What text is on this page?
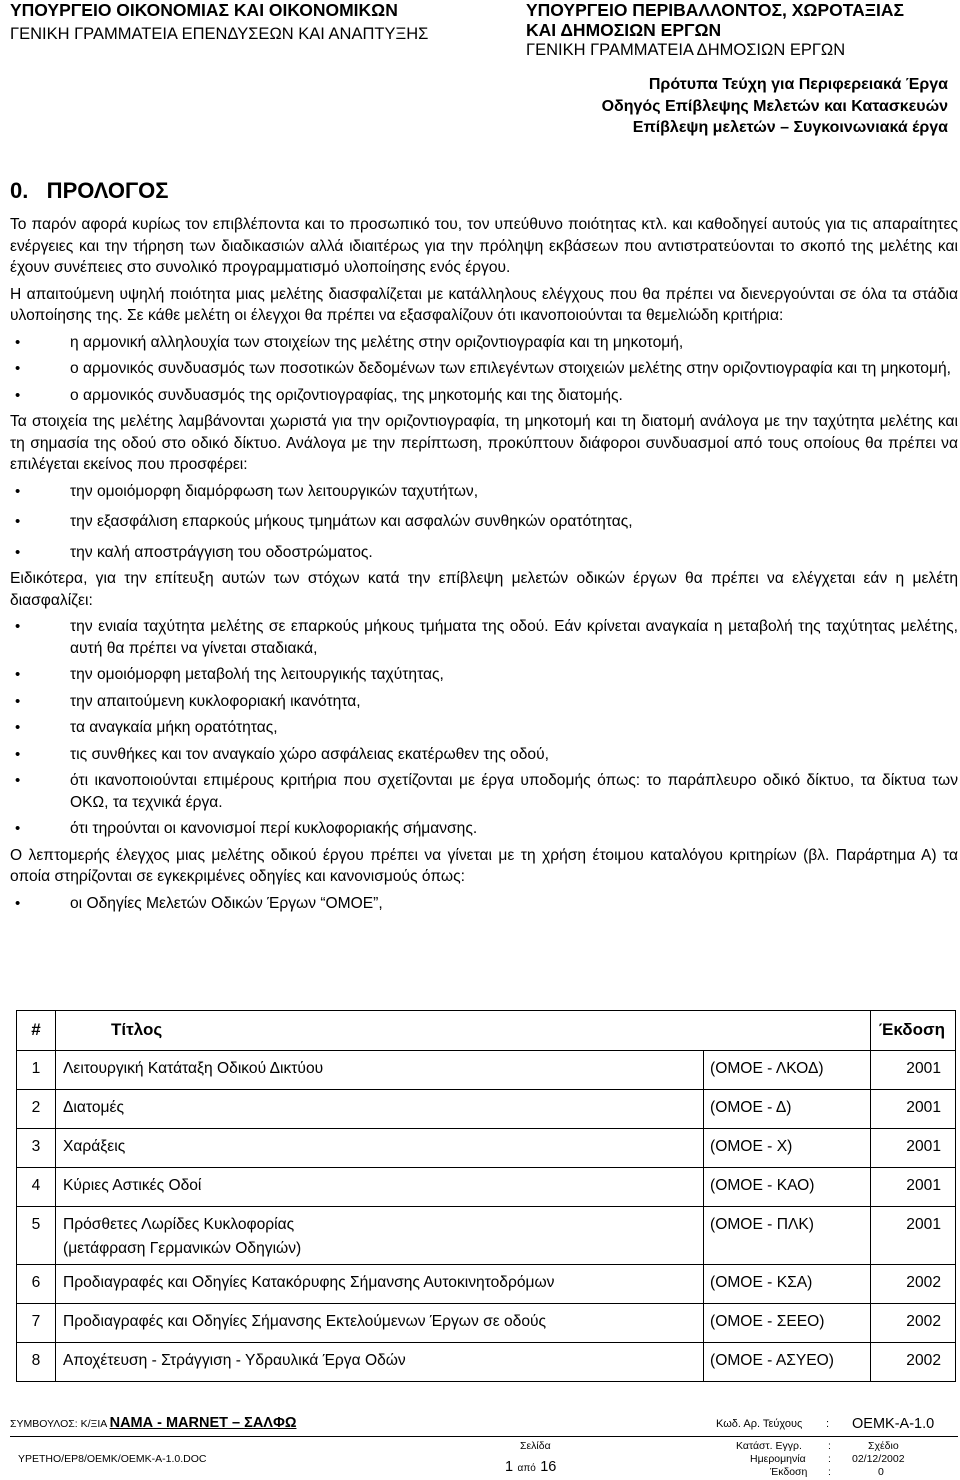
ΥΠΟΥΡΓΕΙΟ ΟΙΚΟΝΟΜΙΑΣ ΚΑΙ ΟΙΚΟΝΟΜΙΚΩΝ
ΓΕΝΙΚΗ ΓΡΑΜΜΑΤΕΙΑ ΕΠΕΝΔΥΣΕΩΝ ΚΑΙ ΑΝΑΠΤΥΞΗΣ
ΥΠΟΥΡΓΕΙΟ ΠΕΡΙΒΑΛΛΟΝΤΟΣ, ΧΩΡΟΤΑΞΙΑΣ
ΚΑΙ ΔΗΜΟΣΙΩΝ ΕΡΓΩΝ
ΓΕΝΙΚΗ ΓΡΑΜΜΑΤΕΙΑ ΔΗΜΟΣΙΩΝ ΕΡΓΩΝ
Πρότυπα Τεύχη για Περιφερειακά Έργα
Οδηγός Επίβλεψης Μελετών και Κατασκευών
Επίβλεψη μελετών – Συγκοινωνιακά έργα
0.   ΠΡΟΛΟΓΟΣ

Το παρόν αφορά κυρίως τον επιβλέποντα και το προσωπικό του, τον υπεύθυνο ποιότητας κτλ. και καθοδηγεί αυτούς για τις απαραίτητες ενέργειες και την τήρηση των διαδικασιών αλλά ιδιαιτέρως για την πρόληψη εκβάσεων που αντιστρατεύονται το σκοπό της μελέτης και έχουν συνέπειες στο συνολικό προγραμματισμό υλοποίησης ενός έργου.

Η απαιτούμενη υψηλή ποιότητα μιας μελέτης διασφαλίζεται με κατάλληλους ελέγχους που θα πρέπει να διενεργούνται σε όλα τα στάδια υλοποίησης της. Σε κάθε μελέτη οι έλεγχοι θα πρέπει να εξασφαλίζουν ότι ικανοποιούνται τα θεμελιώδη κριτήρια:

• η αρμονική αλληλουχία των στοιχείων της μελέτης στην οριζοντιογραφία και τη μηκοτομή,
• ο αρμονικός συνδυασμός των ποσοτικών δεδομένων των επιλεγέντων στοιχειών μελέτης στην οριζοντιογραφία και τη μηκοτομή,
• ο αρμονικός συνδυασμός της οριζοντιογραφίας, της μηκοτομής και της διατομής.

Τα στοιχεία της μελέτης λαμβάνονται χωριστά για την οριζοντιογραφία, τη μηκοτομή και τη διατομή ανάλογα με την ταχύτητα μελέτης και τη σημασία της οδού στο οδικό δίκτυο. Ανάλογα με την περίπτωση, προκύπτουν διάφοροι συνδυασμοί από τους οποίους θα πρέπει να επιλέγεται εκείνος που προσφέρει:

• την ομοιόμορφη διαμόρφωση των λειτουργικών ταχυτήτων,
• την εξασφάλιση επαρκούς μήκους τμημάτων και ασφαλών συνθηκών ορατότητας,
• την καλή αποστράγγιση του οδοστρώματος.

Ειδικότερα, για την επίτευξη αυτών των στόχων κατά την επίβλεψη μελετών οδικών έργων θα πρέπει να ελέγχεται εάν η μελέτη διασφαλίζει:

• την ενιαία ταχύτητα μελέτης σε επαρκούς μήκους τμήματα της οδού. Εάν κρίνεται αναγκαία η μεταβολή της ταχύτητας μελέτης, αυτή θα πρέπει να γίνεται σταδιακά,
• την ομοιόμορφη μεταβολή της λειτουργικής ταχύτητας,
• την απαιτούμενη κυκλοφοριακή ικανότητα,
• τα αναγκαία μήκη ορατότητας,
• τις συνθήκες και τον αναγκαίο χώρο ασφάλειας εκατέρωθεν της οδού,
• ότι ικανοποιούνται επιμέρους κριτήρια που σχετίζονται με έργα υποδομής όπως: το παράπλευρο οδικό δίκτυο, τα δίκτυα των ΟΚΩ, τα τεχνικά έργα.
• ότι τηρούνται οι κανονισμοί περί κυκλοφοριακής σήμανσης.

Ο λεπτομερής έλεγχος μιας μελέτης οδικού έργου πρέπει να γίνεται με τη χρήση έτοιμου καταλόγου κριτηρίων (βλ. Παράρτημα Α) τα οποία στηρίζονται σε εγκεκριμένες οδηγίες και κανονισμούς όπως:

• οι Οδηγίες Μελετών Οδικών Έργων “ΟΜΟΕ”,
#	Τίτλος		Έκδοση
1	Λειτουργική Κατάταξη Οδικού Δικτύου	(ΟΜΟΕ - ΛΚΟΔ)	2001
2	Διατομές	(ΟΜΟΕ - Δ)	2001
3	Χαράξεις	(ΟΜΟΕ - Χ)	2001
4	Κύριες Αστικές Οδοί	(ΟΜΟΕ - ΚΑΟ)	2001
5	Πρόσθετες Λωρίδες Κυκλοφορίας
(μετάφραση Γερμανικών Οδηγιών)	(ΟΜΟΕ - ΠΛΚ)	2001
6	Προδιαγραφές και Οδηγίες Κατακόρυφης Σήμανσης Αυτοκινητοδρόμων	(ΟΜΟΕ - ΚΣΑ)	2002
7	Προδιαγραφές και Οδηγίες Σήμανσης Εκτελούμενων Έργων σε οδούς	(ΟΜΟΕ - ΣΕΕΟ)	2002
8	Αποχέτευση - Στράγγιση - Υδραυλικά Έργα Οδών	(ΟΜΟΕ - ΑΣΥΕΟ)	2002
ΣΥΜΒΟΥΛΟΣ: Κ/ΞΙΑ ΝΑΜΑ - ΜΑRΝΕΤ – ΣΑΛΦΩ	Κωδ. Αρ. Τεύχους : ΟΕΜΚ-Α-1.0
ΥΡΕΤΗΟ/ΕΡ8/ΟΕΜΚ/ΟΕΜΚ-Α-1.0.DOC
Σελίδα
1 από 16
Κατάστ. Εγγρ. :	Σχέδιο
Ημερομηνία : 02/12/2002
Έκδοση :	0
